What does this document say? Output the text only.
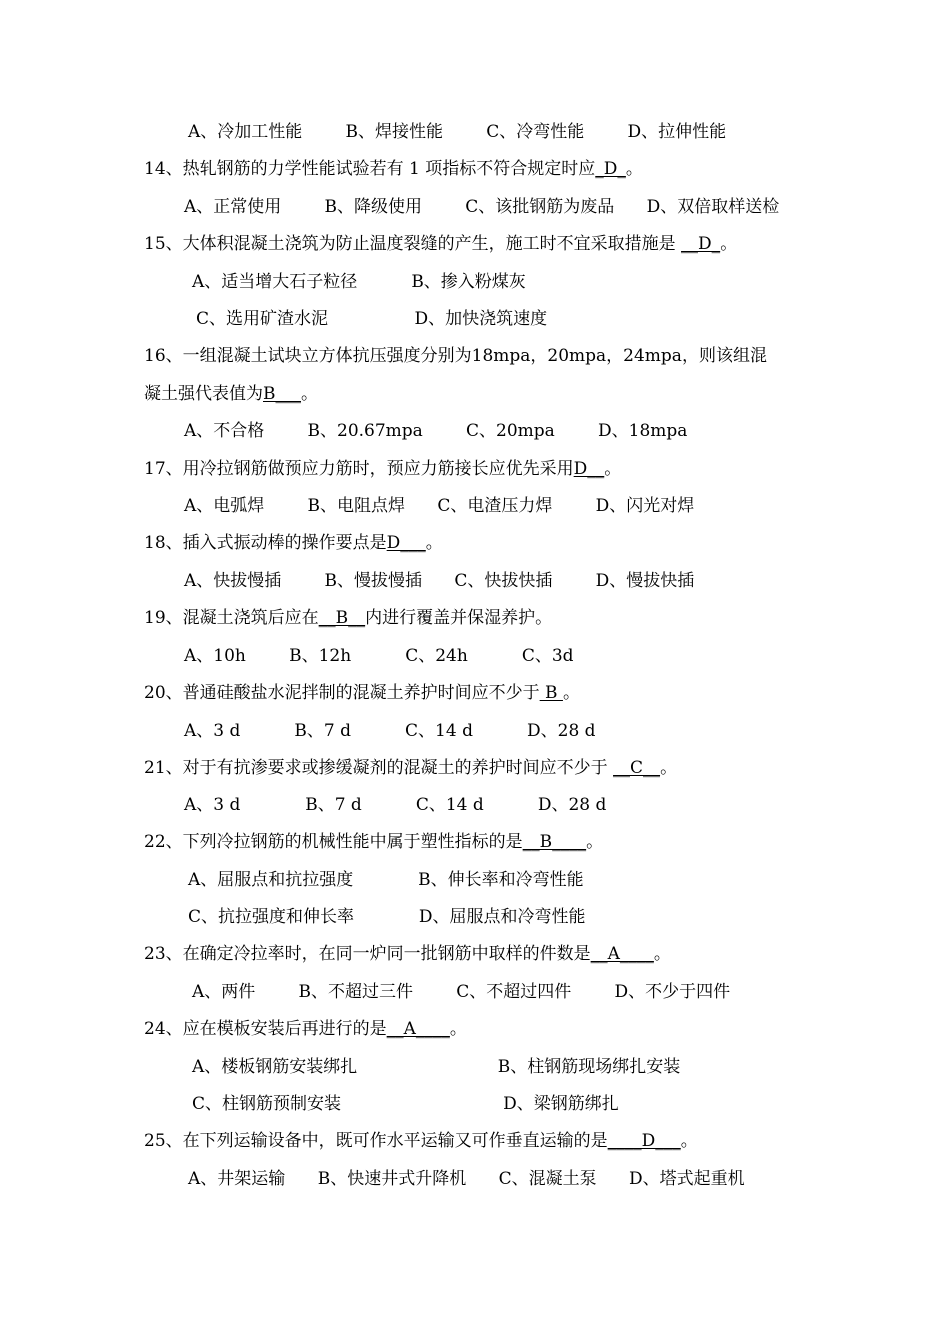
A、冷加工性能        B、焊接性能        C、冷弯性能        D、拉伸性能
14、热轧钢筋的力学性能试验若有 1 项指标不符合规定时应_D_。
A、正常使用        B、降级使用        C、该批钢筋为废品      D、双倍取样送检
15、大体积混凝土浇筑为防止温度裂缝的产生，施工时不宜采取措施是 __D_。
A、适当增大石子粒径          B、掺入粉煤灰
C、选用矿渣水泥                D、加快浇筑速度
16、一组混凝土试块立方体抗压强度分别为18mpa，20mpa，24mpa，则该组混
凝土强代表值为B___。
A、不合格        B、20.67mpa        C、20mpa        D、18mpa
17、用冷拉钢筋做预应力筋时，预应力筋接长应优先采用D__。
A、电弧焊        B、电阻点焊      C、电渣压力焊        D、闪光对焊
18、插入式振动棒的操作要点是D___。
A、快拔慢插        B、慢拔慢插      C、快拔快插        D、慢拔快插
19、混凝土浇筑后应在__B__内进行覆盖并保湿养护。
A、10h        B、12h          C、24h          C、3d
20、普通硅酸盐水泥拌制的混凝土养护时间应不少于 B 。
A、3 d          B、7 d          C、14 d          D、28 d
21、对于有抗渗要求或掺缓凝剂的混凝土的养护时间应不少于 __C__。
A、3 d            B、7 d          C、14 d          D、28 d
22、下列冷拉钢筋的机械性能中属于塑性指标的是__B____。
A、屈服点和抗拉强度            B、伸长率和冷弯性能
C、抗拉强度和伸长率            D、屈服点和冷弯性能
23、在确定冷拉率时，在同一炉同一批钢筋中取样的件数是__A____。
A、两件        B、不超过三件        C、不超过四件        D、不少于四件
24、应在模板安装后再进行的是__A____。
A、楼板钢筋安装绑扎                          B、柱钢筋现场绑扎安装
C、柱钢筋预制安装                              D、梁钢筋绑扎
25、在下列运输设备中，既可作水平运输又可作垂直运输的是____D___。
A、井架运输      B、快速井式升降机      C、混凝土泵      D、塔式起重机
